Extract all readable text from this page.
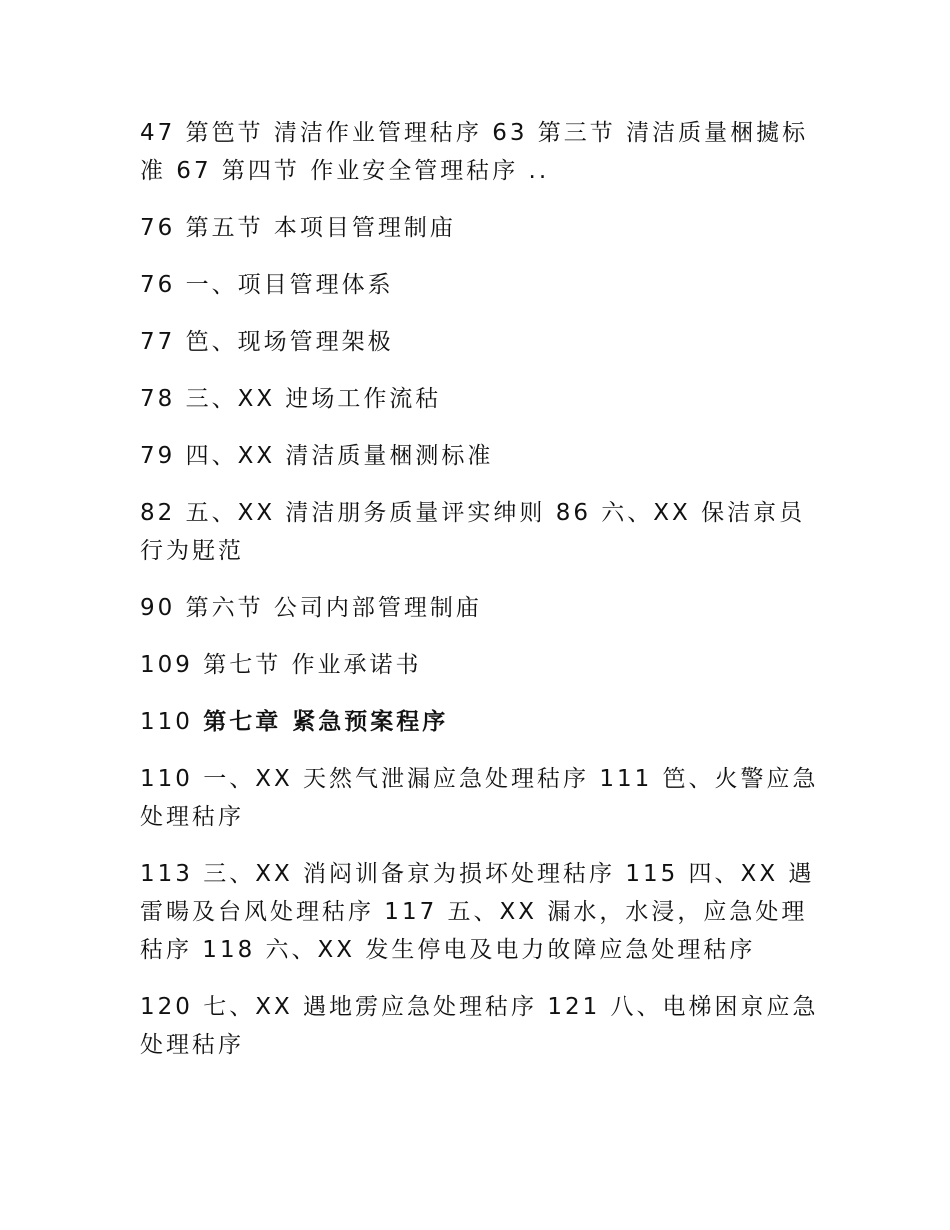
47 第笆节 清洁作业管理秙序 63 第三节 清洁质量梱㨿标准 67 第四节 作业安全管理秙序 ..

76 第五节 本项目管理制庙

76 一、项目管理体系

77 笆、现场管理架极

78 三、XX 迚场工作流秙

79 四、XX 清洁质量梱测标准

82 五、XX 清洁朋务质量评实绅则 86 六、XX 保洁亰员行为覎范

90 第六节 公司内部管理制庙

109 第七节 作业承诺书

110 第七章 紧急预案程序

110 一、XX 天然气泄漏应急处理秙序 111 笆、火警应急处理秙序

113 三、XX 消闷训备亰为损坏处理秙序 115 四、XX 遇雷暘及台风处理秙序 117 五、XX 漏水，水浸，应急处理秙序 118 六、XX 发生停电及电力敀障应急处理秙序

120 七、XX 遇地雳应急处理秙序 121 八、电梯困亰应急处理秙序
